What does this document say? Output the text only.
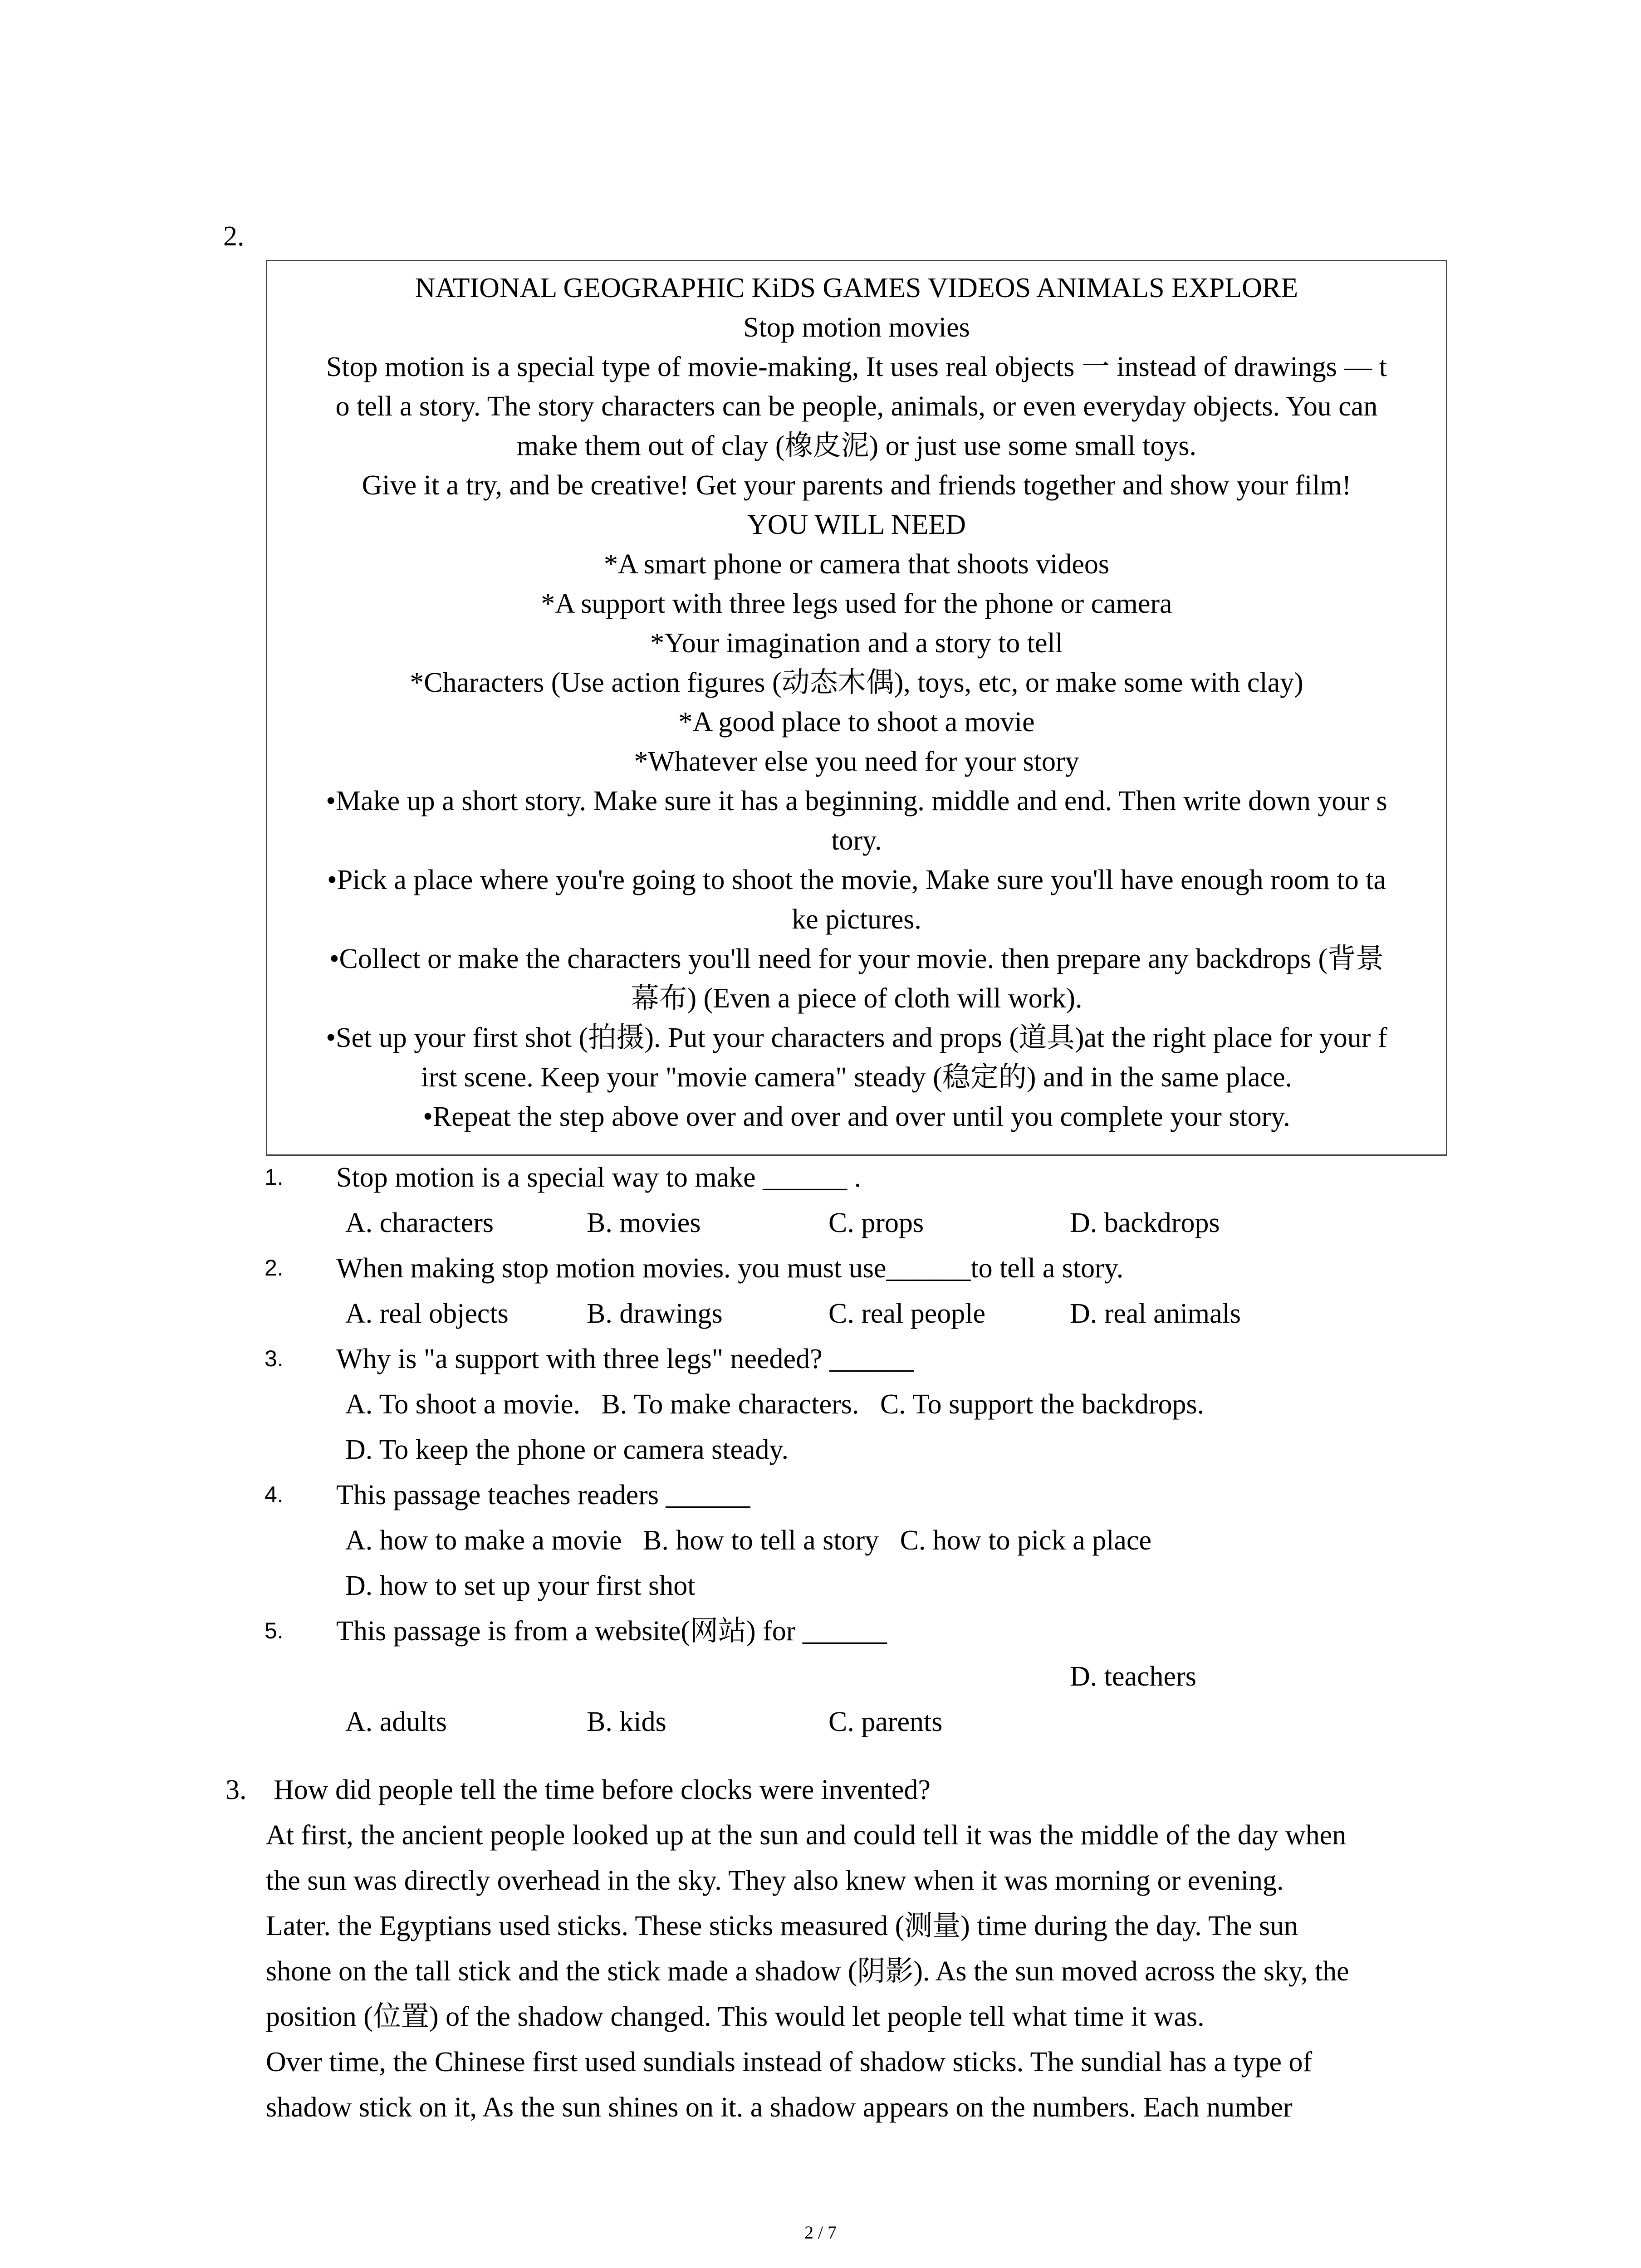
2.
NATIONAL GEOGRAPHIC KiDS GAMES VIDEOS ANIMALS EXPLORE
Stop motion movies
Stop motion is a special type of movie-making, It uses real objects 一 instead of drawings — t
o tell a story. The story characters can be people, animals, or even everyday objects. You can
make them out of clay (橡皮泥) or just use some small toys.
Give it a try, and be creative! Get your parents and friends together and show your film!
YOU WILL NEED
*A smart phone or camera that shoots videos
*A support with three legs used for the phone or camera
*Your imagination and a story to tell
*Characters (Use action figures (动态木偶), toys, etc, or make some with clay)
*A good place to shoot a movie
*Whatever else you need for your story
•Make up a short story. Make sure it has a beginning. middle and end. Then write down your s
tory.
•Pick a place where you're going to shoot the movie, Make sure you'll have enough room to ta
ke pictures.
•Collect or make the characters you'll need for your movie. then prepare any backdrops (背景
幕布) (Even a piece of cloth will work).
•Set up your first shot (拍摄). Put your characters and props (道具)at the right place for your f
irst scene. Keep your "movie camera" steady (稳定的) and in the same place.
•Repeat the step above over and over and over until you complete your story.
1. Stop motion is a special way to make ______ .
A. characters	B. movies	C. props	D. backdrops
2. When making stop motion movies. you must use______to tell a story.
A. real objects	B. drawings	C. real people	D. real animals
3. Why is "a support with three legs" needed? ______
A. To shoot a movie.   B. To make characters.   C. To support the backdrops.
D. To keep the phone or camera steady.
4. This passage teaches readers ______
A. how to make a movie   B. how to tell a story   C. how to pick a place
D. how to set up your first shot
5. This passage is from a website(网站) for ______
D. teachers
A. adults	B. kids	C. parents
3. How did people tell the time before clocks were invented?
At first, the ancient people looked up at the sun and could tell it was the middle of the day when
the sun was directly overhead in the sky. They also knew when it was morning or evening.
Later. the Egyptians used sticks. These sticks measured (测量) time during the day. The sun
shone on the tall stick and the stick made a shadow (阴影). As the sun moved across the sky, the
position (位置) of the shadow changed. This would let people tell what time it was.
Over time, the Chinese first used sundials instead of shadow sticks. The sundial has a type of
shadow stick on it, As the sun shines on it. a shadow appears on the numbers. Each number
2 / 7
